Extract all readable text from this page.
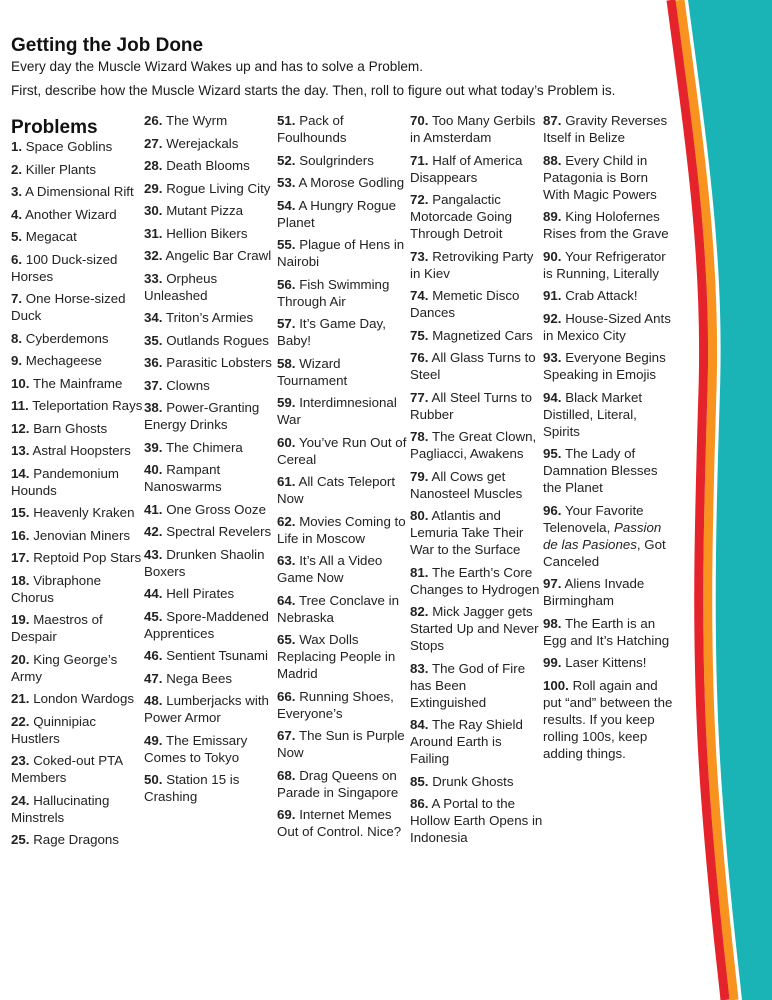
Getting the Job Done

Every day the Muscle Wizard Wakes up and has to solve a Problem.

First, describe how the Muscle Wizard starts the day. Then, roll to figure out what today’s Problem is.

Problems

1. Space Goblins

2. Killer Plants

3. A Dimensional Rift

4. Another Wizard

5. Megacat

6. 100 Duck-sized Horses

7. One Horse-sized Duck

8. Cyberdemons

9. Mechageese

10. The Mainframe

11. Teleportation Rays

12. Barn Ghosts

13. Astral Hoopsters

14. Pandemonium Hounds

15. Heavenly Kraken

16. Jenovian Miners

17. Reptoid Pop Stars

18. Vibraphone Chorus

19. Maestros of Despair

20. King George’s Army

21. London Wardogs

22. Quinnipiac Hustlers

23. Coked-out PTA Members

24. Hallucinating Minstrels

25. Rage Dragons

26. The Wyrm

27. Werejackals

28. Death Blooms

29. Rogue Living City

30. Mutant Pizza

31. Hellion Bikers

32. Angelic Bar Crawl

33. Orpheus Unleashed

34. Triton’s Armies

35. Outlands Rogues

36. Parasitic Lobsters

37. Clowns

38. Power-Granting Energy Drinks

39. The Chimera

40. Rampant Nanoswarms

41. One Gross Ooze

42. Spectral Revelers

43. Drunken Shaolin Boxers

44. Hell Pirates

45. Spore-Maddened Apprentices

46. Sentient Tsunami

47. Nega Bees

48. Lumberjacks with Power Armor

49. The Emissary Comes to Tokyo

50. Station 15 is Crashing

51. Pack of Foulhounds

52. Soulgrinders

53. A Morose Godling

54. A Hungry Rogue Planet

55. Plague of Hens in Nairobi

56. Fish Swimming Through Air

57. It’s Game Day, Baby!

58. Wizard Tournament

59. Interdimnesional War

60. You’ve Run Out of Cereal

61. All Cats Teleport Now

62. Movies Coming to Life in Moscow

63. It’s All a Video Game Now

64. Tree Conclave in Nebraska

65. Wax Dolls Replacing People in Madrid

66. Running Shoes, Everyone’s

67. The Sun is Purple Now

68. Drag Queens on Parade in Singapore

69. Internet Memes Out of Control. Nice?

70. Too Many Gerbils in Amsterdam

71. Half of America Disappears

72. Pangalactic Motorcade Going Through Detroit

73. Retroviking Party in Kiev

74. Memetic Disco Dances

75. Magnetized Cars

76. All Glass Turns to Steel

77. All Steel Turns to Rubber

78. The Great Clown, Pagliacci, Awakens

79. All Cows get Nanosteel Muscles

80. Atlantis and Lemuria Take Their War to the Surface

81. The Earth’s Core Changes to Hydrogen

82. Mick Jagger gets Started Up and Never Stops

83. The God of Fire has Been Extinguished

84. The Ray Shield Around Earth is Failing

85. Drunk Ghosts

86. A Portal to the Hollow Earth Opens in Indonesia

87. Gravity Reverses Itself in Belize

88. Every Child in Patagonia is Born With Magic Powers

89. King Holofernes Rises from the Grave

90. Your Refrigerator is Running, Literally

91. Crab Attack!

92. House-Sized Ants in Mexico City

93. Everyone Begins Speaking in Emojis

94. Black Market Distilled, Literal, Spirits

95. The Lady of Damnation Blesses the Planet

96. Your Favorite Telenovela, Passion de las Pasiones, Got Canceled

97. Aliens Invade Birmingham

98. The Earth is an Egg and It’s Hatching

99. Laser Kittens!

100. Roll again and put “and” between the results. If you keep rolling 100s, keep adding things.
